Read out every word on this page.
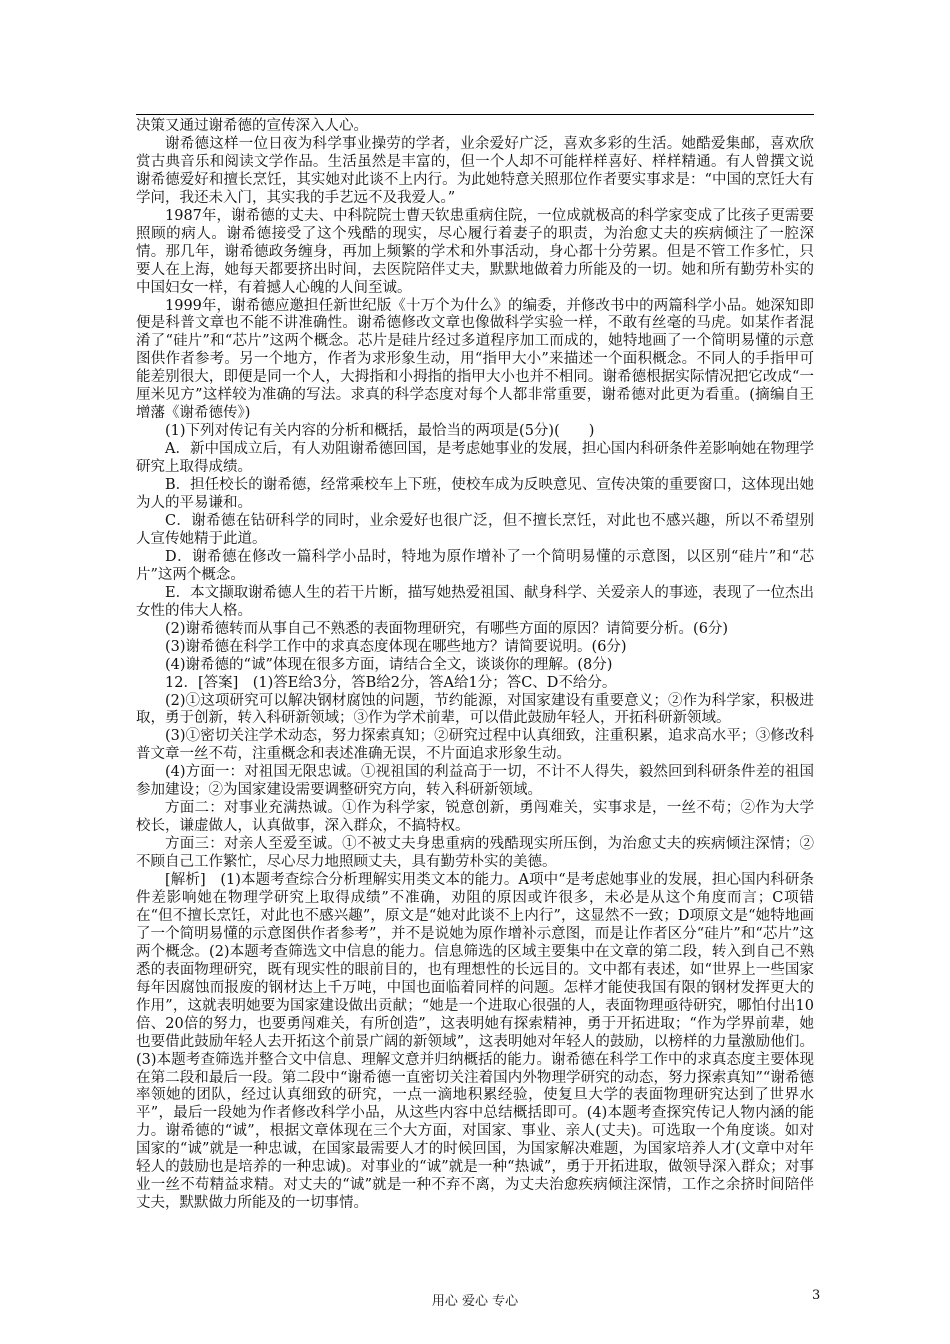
决策又通过谢希德的宣传深入人心。

谢希德这样一位日夜为科学事业操劳的学者，业余爱好广泛，喜欢多彩的生活。她酷爱集邮，喜欢欣赏古典音乐和阅读文学作品。生活虽然是丰富的，但一个人却不可能样样喜好、样样精通。有人曾撰文说谢希德爱好和擅长烹饪，其实她对此谈不上内行。为此她特意关照那位作者要实事求是：“中国的烹饪大有学问，我还未入门，其实我的手艺远不及我爱人。”

1987年，谢希德的丈夫、中科院院士曹天钦患重病住院，一位成就极高的科学家变成了比孩子更需要照顾的病人。谢希德接受了这个残酷的现实，尽心履行着妻子的职责，为治愈丈夫的疾病倾注了一腔深情。那几年，谢希德政务缠身，再加上频繁的学术和外事活动，身心都十分劳累。但是不管工作多忙，只要人在上海，她每天都要挤出时间，去医院陪伴丈夫，默默地做着力所能及的一切。她和所有勤劳朴实的中国妇女一样，有着撼人心魄的人间至诚。

1999年，谢希德应邀担任新世纪版《十万个为什么》的编委，并修改书中的两篇科学小品。她深知即便是科普文章也不能不讲准确性。谢希德修改文章也像做科学实验一样，不敢有丝毫的马虎。如某作者混淆了“硅片”和“芯片”这两个概念。芯片是硅片经过多道程序加工而成的，她特地画了一个简明易懂的示意图供作者参考。另一个地方，作者为求形象生动，用“指甲大小”来描述一个面积概念。不同人的手指甲可能差别很大，即便是同一个人，大拇指和小拇指的指甲大小也并不相同。谢希德根据实际情况把它改成“一厘米见方”这样较为准确的写法。求真的科学态度对每个人都非常重要，谢希德对此更为看重。(摘编自王增藩《谢希德传》)

(1)下列对传记有关内容的分析和概括，最恰当的两项是(5分)(　　)

A．新中国成立后，有人劝阻谢希德回国，是考虑她事业的发展，担心国内科研条件差影响她在物理学研究上取得成绩。

B．担任校长的谢希德，经常乘校车上下班，使校车成为反映意见、宣传决策的重要窗口，这体现出她为人的平易谦和。

C．谢希德在钻研科学的同时，业余爱好也很广泛，但不擅长烹饪，对此也不感兴趣，所以不希望别人宣传她精于此道。

D．谢希德在修改一篇科学小品时，特地为原作增补了一个简明易懂的示意图，以区别“硅片”和“芯片”这两个概念。

E．本文撷取谢希德人生的若干片断，描写她热爱祖国、献身科学、关爱亲人的事迹，表现了一位杰出女性的伟大人格。

(2)谢希德转而从事自己不熟悉的表面物理研究，有哪些方面的原因？请简要分析。(6分)

(3)谢希德在科学工作中的求真态度体现在哪些地方？请简要说明。(6分)

(4)谢希德的“诚”体现在很多方面，请结合全文，谈谈你的理解。(8分)

12．[答案]　(1)答E给3分，答B给2分，答A给1分；答C、D不给分。

(2)①这项研究可以解决钢材腐蚀的问题，节约能源，对国家建设有重要意义；②作为科学家，积极进取，勇于创新，转入科研新领域；③作为学术前辈，可以借此鼓励年轻人，开拓科研新领域。

(3)①密切关注学术动态，努力探索真知；②研究过程中认真细致，注重积累，追求高水平；③修改科普文章一丝不苟，注重概念和表述准确无误，不片面追求形象生动。

(4)方面一：对祖国无限忠诚。①视祖国的利益高于一切，不计不人得失，毅然回到科研条件差的祖国参加建设；②为国家建设需要调整研究方向，转入科研新领域。

方面二：对事业充满热诚。①作为科学家，锐意创新，勇闯难关，实事求是，一丝不苟；②作为大学校长，谦虚做人，认真做事，深入群众，不搞特权。

方面三：对亲人至爱至诚。①不被丈夫身患重病的残酷现实所压倒，为治愈丈夫的疾病倾注深情；②不顾自己工作繁忙，尽心尽力地照顾丈夫，具有勤劳朴实的美德。

[解析]　(1)本题考查综合分析理解实用类文本的能力。A项中“是考虑她事业的发展，担心国内科研条件差影响她在物理学研究上取得成绩”不准确，劝阻的原因或许很多，未必是从这个角度而言；C项错在“但不擅长烹饪，对此也不感兴趣”，原文是“她对此谈不上内行”，这显然不一致；D项原文是“她特地画了一个简明易懂的示意图供作者参考”，并不是说她为原作增补示意图，而是让作者区分“硅片”和“芯片”这两个概念。(2)本题考查筛选文中信息的能力。信息筛选的区域主要集中在文章的第二段，转入到自己不熟悉的表面物理研究，既有现实性的眼前目的，也有理想性的长远目的。文中都有表述，如“世界上一些国家每年因腐蚀而报废的钢材达上千万吨，中国也面临着同样的问题。怎样才能使我国有限的钢材发挥更大的作用”，这就表明她要为国家建设做出贡献；“她是一个进取心很强的人，表面物理亟待研究，哪怕付出10倍、20倍的努力，也要勇闯难关，有所创造”，这表明她有探索精神，勇于开拓进取；“作为学界前辈，她也要借此鼓励年轻人去开拓这个前景广阔的新领域”，这表明她对年轻人的鼓励，以榜样的力量激励他们。(3)本题考查筛选并整合文中信息、理解文意并归纳概括的能力。谢希德在科学工作中的求真态度主要体现在第二段和最后一段。第二段中“谢希德一直密切关注着国内外物理学研究的动态，努力探索真知”“谢希德率领她的团队，经过认真细致的研究，一点一滴地积累经验，使复旦大学的表面物理研究达到了世界水平”，最后一段她为作者修改科学小品，从这些内容中总结概括即可。(4)本题考查探究传记人物内涵的能力。谢希德的“诚”，根据文章体现在三个大方面，对国家、事业、亲人(丈夫)。可选取一个角度谈。如对国家的“诚”就是一种忠诚，在国家最需要人才的时候回国，为国家解决难题，为国家培养人才(文章中对年轻人的鼓励也是培养的一种忠诚)。对事业的“诚”就是一种“热诚”，勇于开拓进取，做领导深入群众；对事业一丝不苟精益求精。对丈夫的“诚”就是一种不弃不离，为丈夫治愈疾病倾注深情，工作之余挤时间陪伴丈夫，默默做力所能及的一切事情。

用心 爱心 专心	3
